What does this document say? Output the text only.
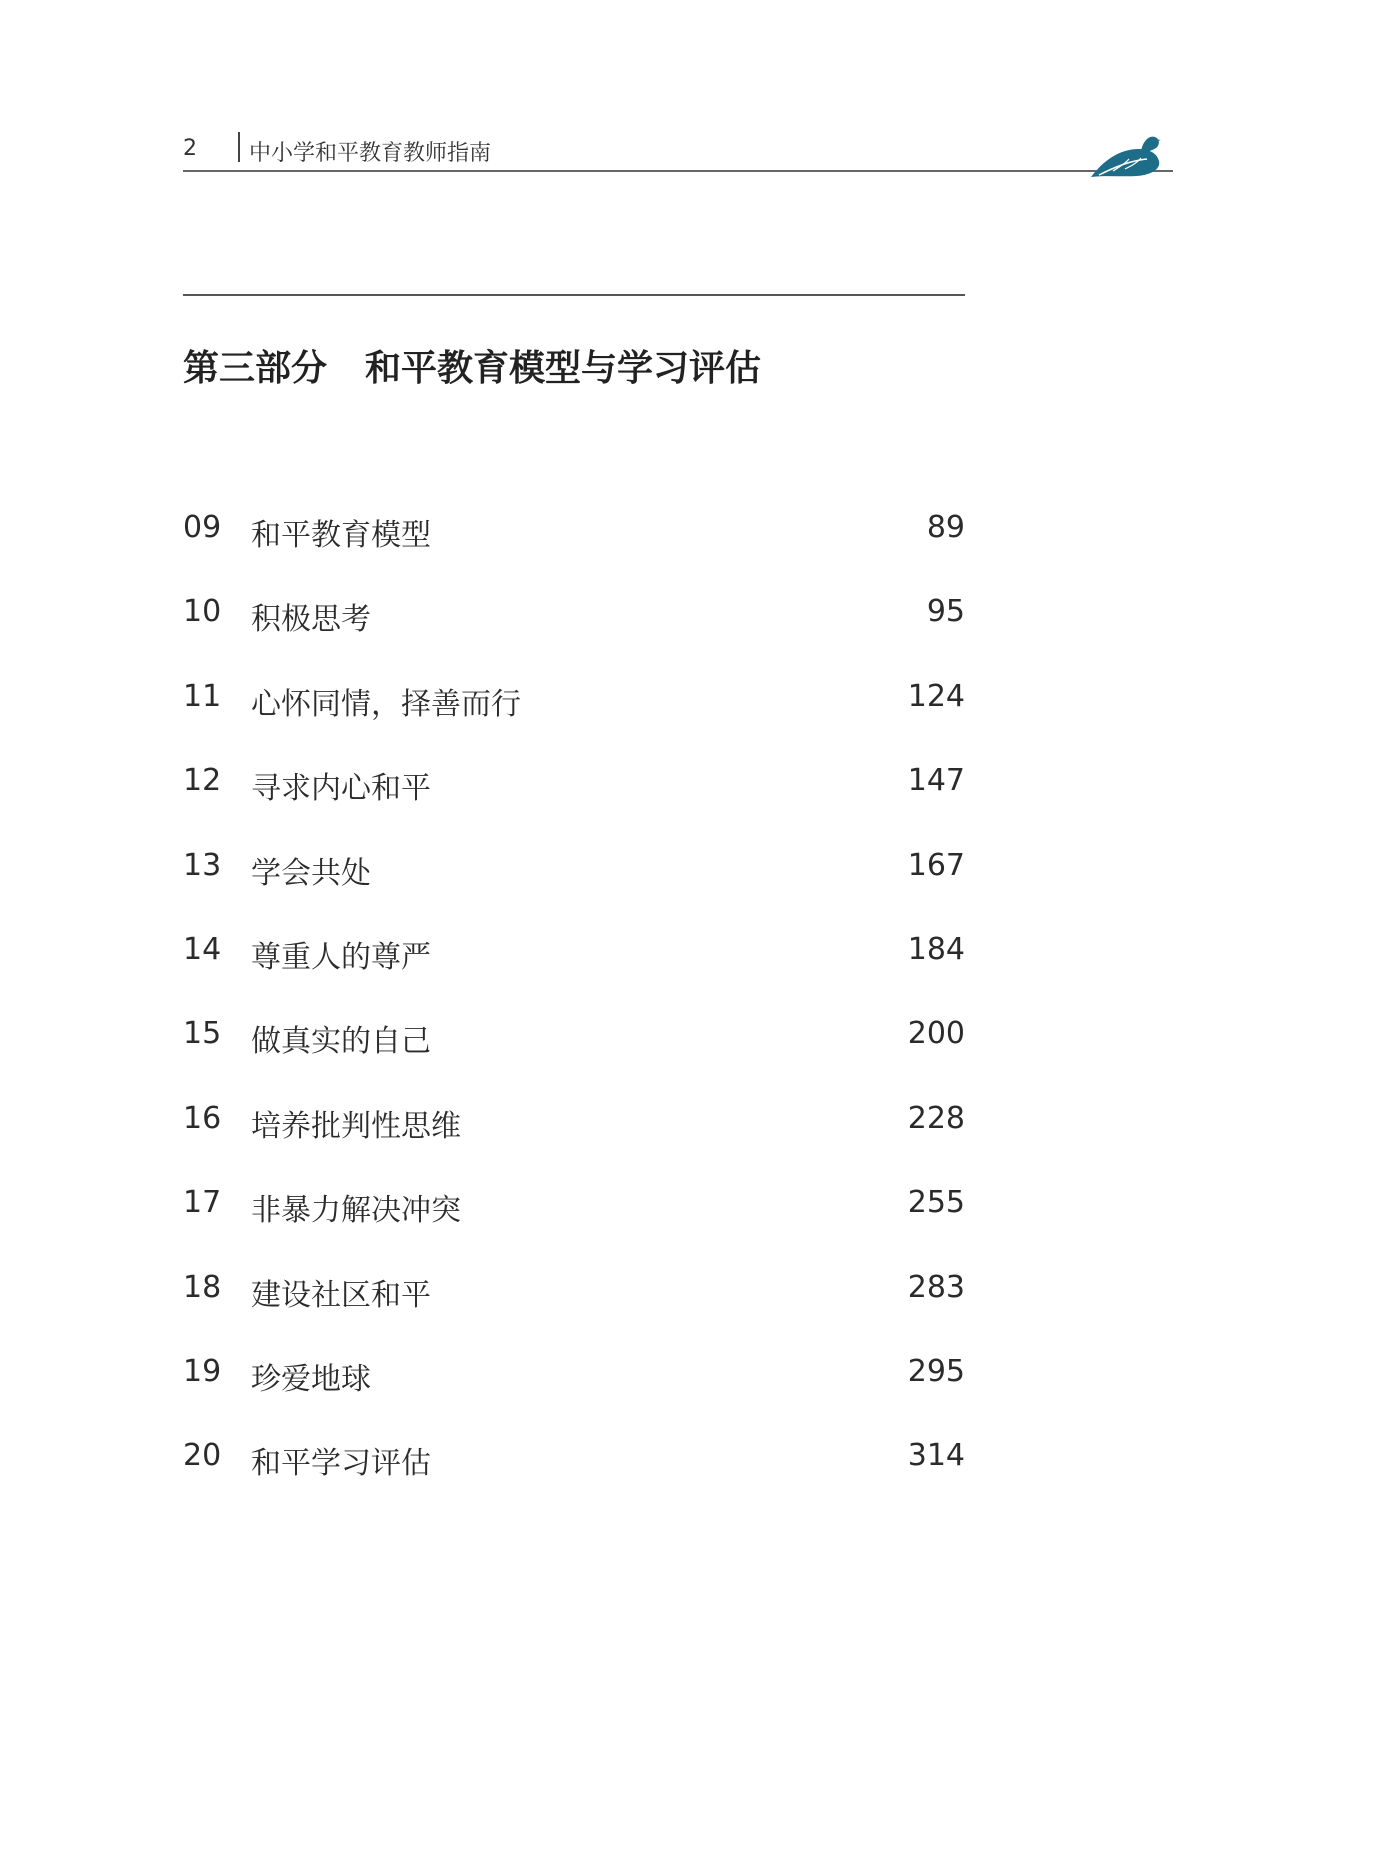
2 中小学和平教育教师指南
第三部分 和平教育模型与学习评估
09 和平教育模型	89
10 积极思考	95
11 心怀同情，择善而行	124
12 寻求内心和平	147
13 学会共处	167
14 尊重人的尊严	184
15 做真实的自己	200
16 培养批判性思维	228
17 非暴力解决冲突	255
18 建设社区和平	283
19 珍爱地球	295
20 和平学习评估	314
